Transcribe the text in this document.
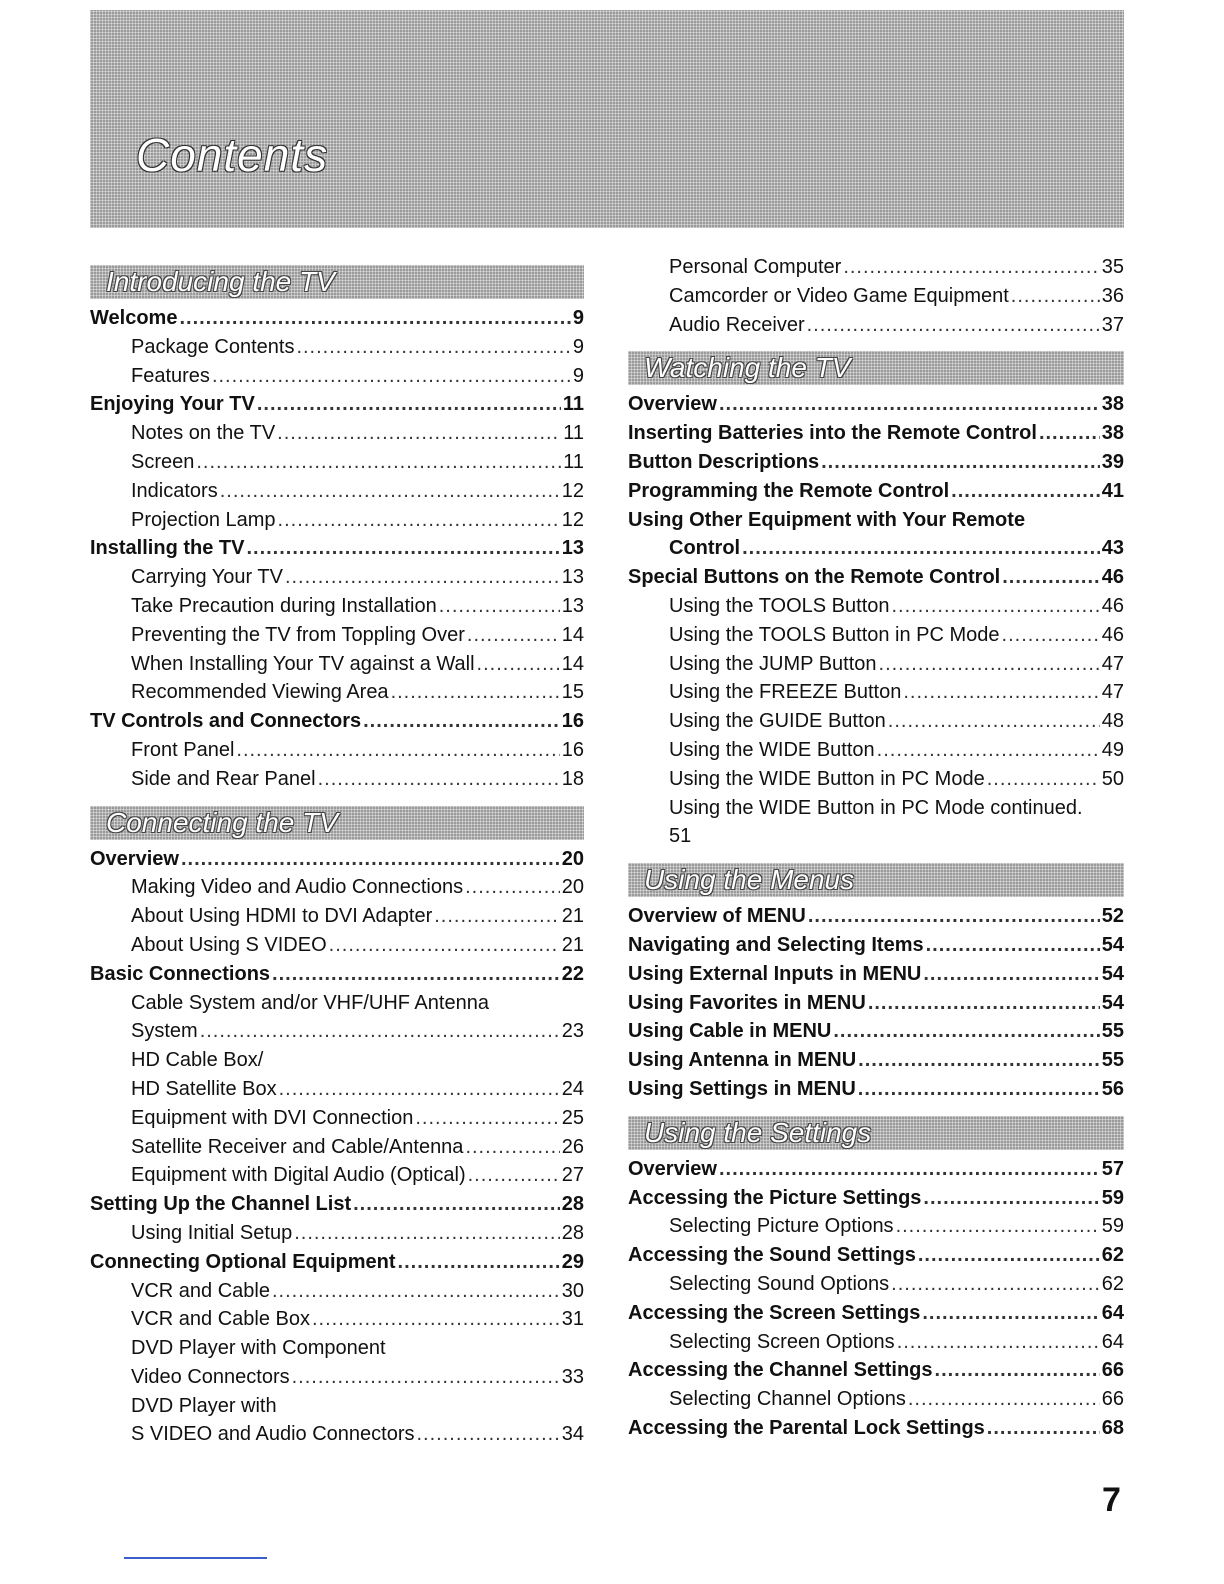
Contents
Introducing the TV
Welcome .....	9
Package Contents .....	9
Features .....	9
Enjoying Your TV .....	11
Notes on the TV .....	11
Screen .....	11
Indicators .....	12
Projection Lamp .....	12
Installing the TV .....	13
Carrying Your TV .....	13
Take Precaution during Installation .....	13
Preventing the TV from Toppling Over .....	14
When Installing Your TV against a Wall .....	14
Recommended Viewing Area .....	15
TV Controls and Connectors .....	16
Front Panel .....	16
Side and Rear Panel .....	18
Connecting the TV
Overview .....	20
Making Video and Audio Connections .....	20
About Using HDMI to DVI Adapter .....	21
About Using S VIDEO .....	21
Basic Connections .....	22
Cable System and/or VHF/UHF Antenna
System .....	23
HD Cable Box/
HD Satellite Box .....	24
Equipment with DVI Connection .....	25
Satellite Receiver and Cable/Antenna .....	26
Equipment with Digital Audio (Optical) .....	27
Setting Up the Channel List .....	28
Using Initial Setup .....	28
Connecting Optional Equipment .....	29
VCR and Cable .....	30
VCR and Cable Box .....	31
DVD Player with Component
Video Connectors .....	33
DVD Player with
S VIDEO and Audio Connectors .....	34
Personal Computer .....	35
Camcorder or Video Game Equipment .....	36
Audio Receiver .....	37
Watching the TV
Overview .....	38
Inserting Batteries into the Remote Control .....	38
Button Descriptions .....	39
Programming the Remote Control .....	41
Using Other Equipment with Your Remote
Control .....	43
Special Buttons on the Remote Control .....	46
Using the TOOLS Button .....	46
Using the TOOLS Button in PC Mode .....	46
Using the JUMP Button .....	47
Using the FREEZE Button .....	47
Using the GUIDE Button .....	48
Using the WIDE Button .....	49
Using the WIDE Button in PC Mode .....	50
Using the WIDE Button in PC Mode continued.
51
Using the Menus
Overview of MENU .....	52
Navigating and Selecting Items .....	54
Using External Inputs in MENU .....	54
Using Favorites in MENU .....	54
Using Cable in MENU .....	55
Using Antenna in MENU .....	55
Using Settings in MENU .....	56
Using the Settings
Overview .....	57
Accessing the Picture Settings .....	59
Selecting Picture Options .....	59
Accessing the Sound Settings .....	62
Selecting Sound Options .....	62
Accessing the Screen Settings .....	64
Selecting Screen Options .....	64
Accessing the Channel Settings .....	66
Selecting Channel Options .....	66
Accessing the Parental Lock Settings .....	68

7
